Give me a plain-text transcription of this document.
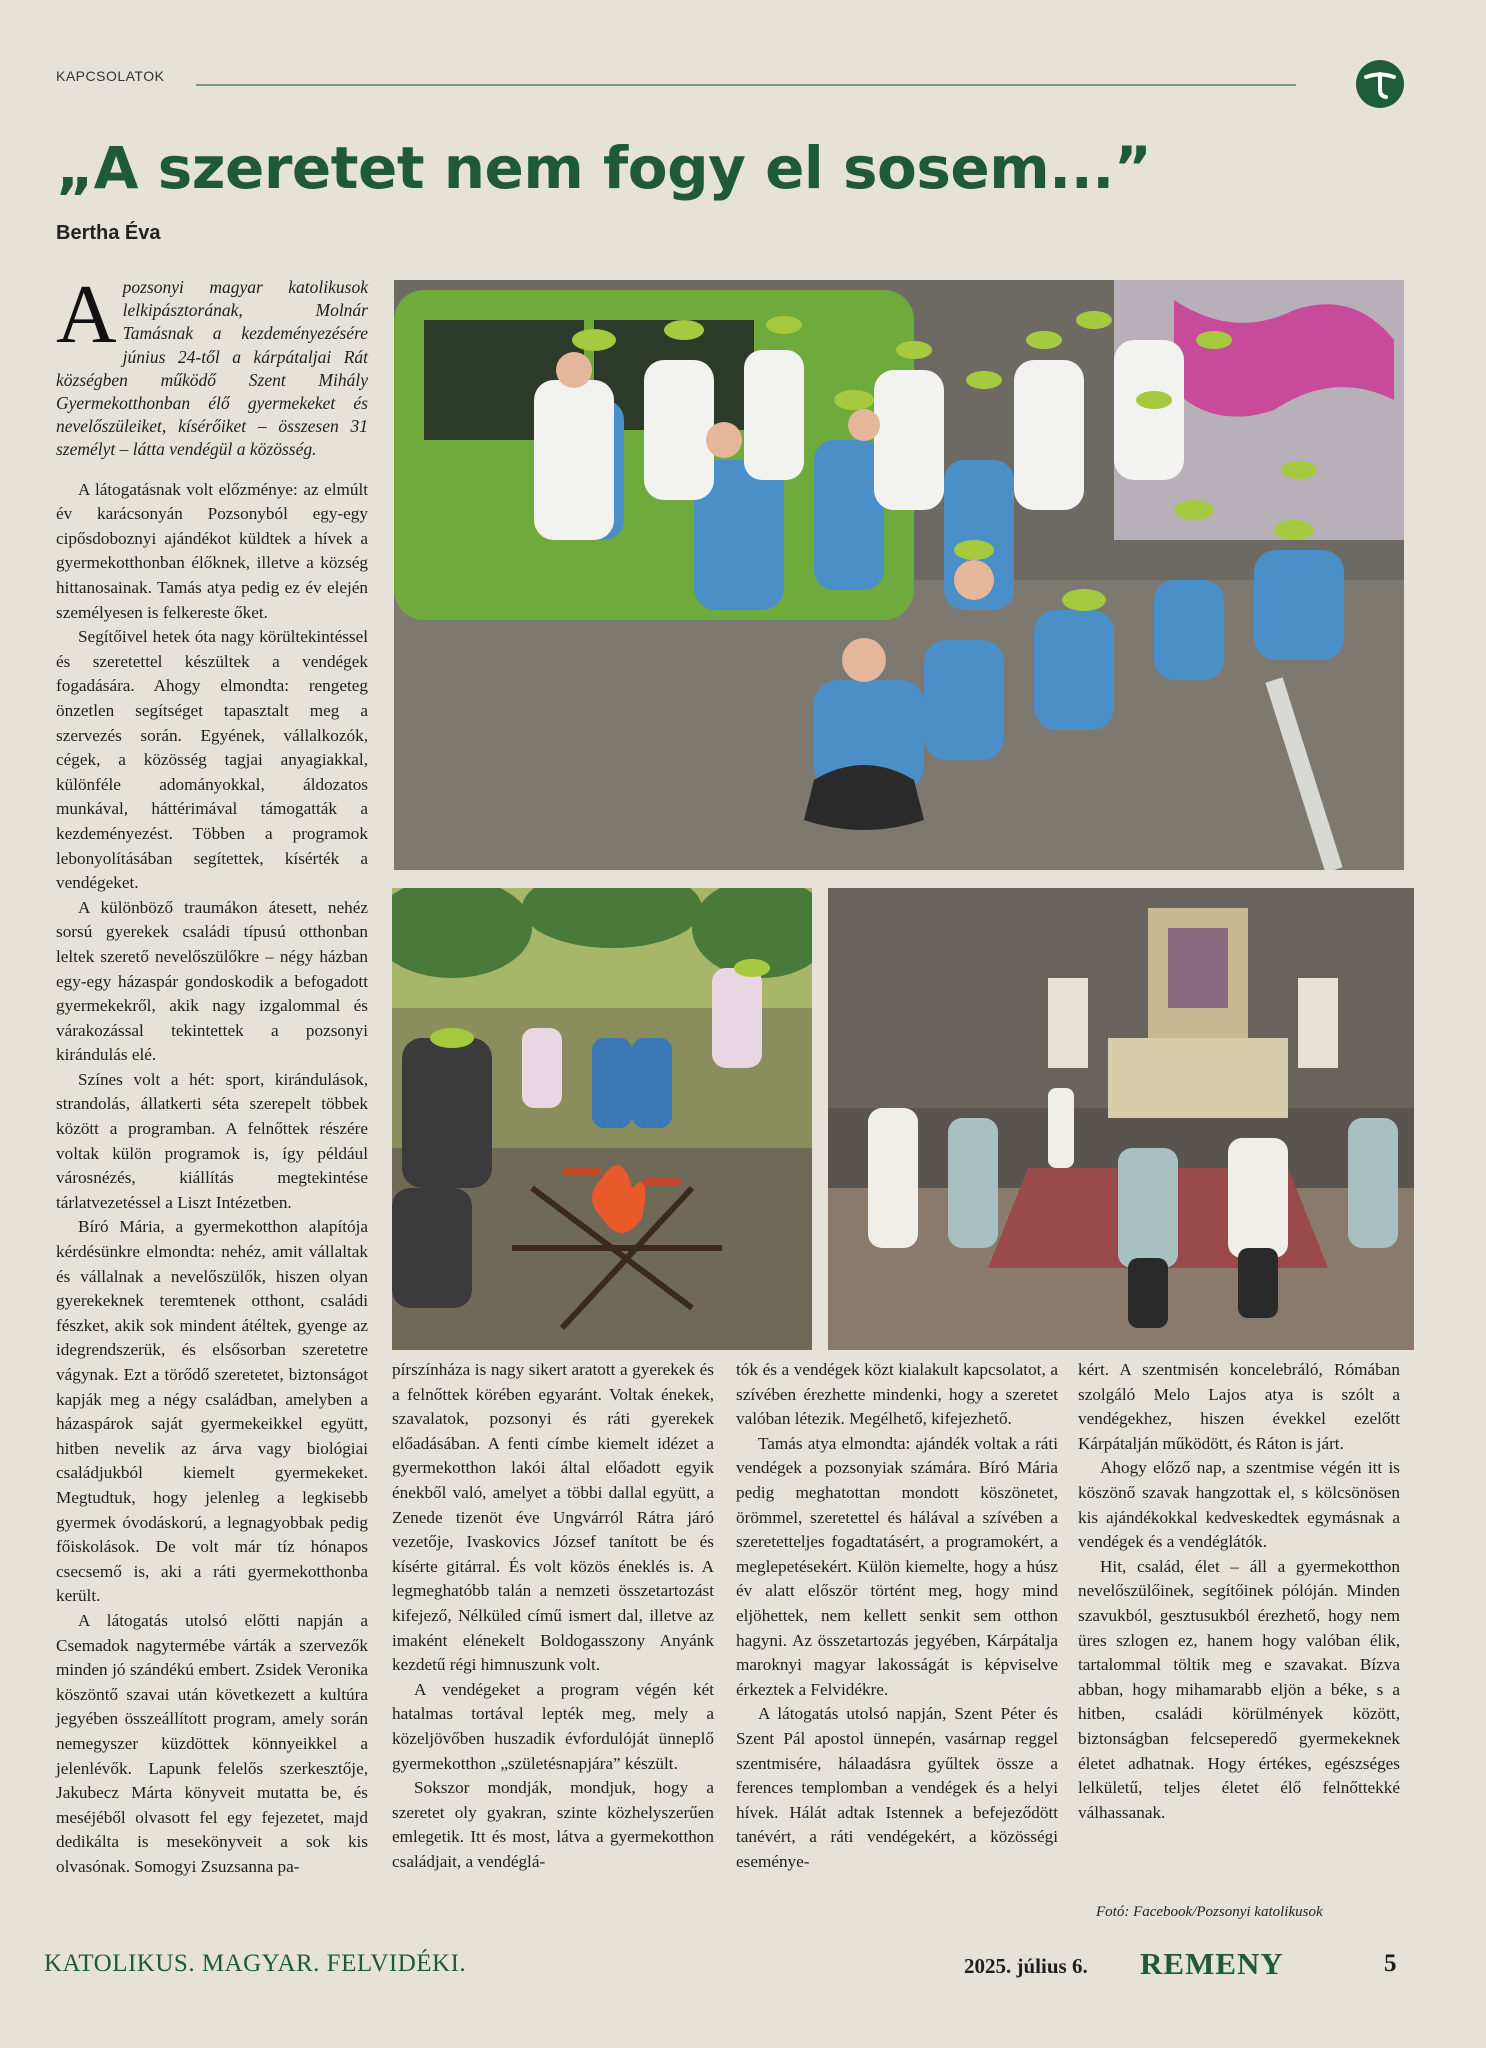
KAPCSOLATOK
„A szeretet nem fogy el sosem...”
Bertha Éva

Apozsonyi magyar katolikusok lelkipásztorának, Molnár Tamásnak a kezdeményezésére június 24-től a kárpátaljai Rát községben működő Szent Mihály Gyermekotthonban élő gyermekeket és nevelőszüleiket, kísérőiket – összesen 31 személyt – látta vendégül a közösség.

A látogatásnak volt előzménye: az elmúlt év karácsonyán Pozsonyból egy-egy cipősdoboznyi ajándékot küldtek a hívek a gyermekotthonban élőknek, illetve a község hittanosainak. Tamás atya pedig ez év elején személyesen is felkereste őket.

Segítőivel hetek óta nagy körültekintéssel és szeretettel készültek a vendégek fogadására. Ahogy elmondta: rengeteg önzetlen segítséget tapasztalt meg a szervezés során. Egyének, vállalkozók, cégek, a közösség tagjai anyagiakkal, különféle adományokkal, áldozatos munkával, háttérimával támogatták a kezdeményezést. Többen a programok lebonyolításában segítettek, kísérték a vendégeket.

A különböző traumákon átesett, nehéz sorsú gyerekek családi típusú otthonban leltek szerető nevelőszülőkre – négy házban egy-egy házaspár gondoskodik a befogadott gyermekekről, akik nagy izgalommal és várakozással tekintettek a pozsonyi kirándulás elé.

Színes volt a hét: sport, kirándulások, strandolás, állatkerti séta szerepelt többek között a programban. A felnőttek részére voltak külön programok is, így például városnézés, kiállítás megtekintése tárlatvezetéssel a Liszt Intézetben.

Bíró Mária, a gyermekotthon alapítója kérdésünkre elmondta: nehéz, amit vállaltak és vállalnak a nevelőszülők, hiszen olyan gyerekeknek teremtenek otthont, családi fészket, akik sok mindent átéltek, gyenge az idegrendszerük, és elsősorban szeretetre vágynak. Ezt a törődő szeretetet, biztonságot kapják meg a négy családban, amelyben a házaspárok saját gyermekeikkel együtt, hitben nevelik az árva vagy biológiai családjukból kiemelt gyermekeket. Megtudtuk, hogy jelenleg a legkisebb gyermek óvodáskorú, a legnagyobbak pedig főiskolások. De volt már tíz hónapos csecsemő is, aki a ráti gyermekotthonba került.

A látogatás utolsó előtti napján a Csemadok nagytermébe várták a szervezők minden jó szándékú embert. Zsidek Veronika köszöntő szavai után következett a kultúra jegyében összeállított program, amely során nemegyszer küzdöttek könnyeikkel a jelenlévők. Lapunk felelős szerkesztője, Jakubecz Márta könyveit mutatta be, és meséjéből olvasott fel egy fejezetet, majd dedikálta is mesekönyveit a sok kis olvasónak. Somogyi Zsuzsanna pa-

pírszínháza is nagy sikert aratott a gyerekek és a felnőttek körében egyaránt. Voltak énekek, szavalatok, pozsonyi és ráti gyerekek előadásában. A fenti címbe kiemelt idézet a gyermekotthon lakói által előadott egyik énekből való, amelyet a többi dallal együtt, a Zenede tizenöt éve Ungvárról Rátra járó vezetője, Ivaskovics József tanított be és kísérte gitárral. És volt közös éneklés is. A legmeghatóbb talán a nemzeti összetartozást kifejező, Nélküled című ismert dal, illetve az imaként elénekelt Boldogasszony Anyánk kezdetű régi himnuszunk volt.

A vendégeket a program végén két hatalmas tortával lepték meg, mely a közeljövőben huszadik évfordulóját ünneplő gyermekotthon „születésnapjára” készült.

Sokszor mondják, mondjuk, hogy a szeretet oly gyakran, szinte közhelyszerűen emlegetik. Itt és most, látva a gyermekotthon családjait, a vendéglá-

tók és a vendégek közt kialakult kapcsolatot, a szívében érezhette mindenki, hogy a szeretet valóban létezik. Megélhető, kifejezhető.

Tamás atya elmondta: ajándék voltak a ráti vendégek a pozsonyiak számára. Bíró Mária pedig meghatottan mondott köszönetet, örömmel, szeretettel és hálával a szívében a szeretetteljes fogadtatásért, a programokért, a meglepetésekért. Külön kiemelte, hogy a húsz év alatt először történt meg, hogy mind eljöhettek, nem kellett senkit sem otthon hagyni. Az összetartozás jegyében, Kárpátalja maroknyi magyar lakosságát is képviselve érkeztek a Felvidékre.

A látogatás utolsó napján, Szent Péter és Szent Pál apostol ünnepén, vasárnap reggel szentmisére, hálaadásra gyűltek össze a ferences templomban a vendégek és a helyi hívek. Hálát adtak Istennek a befejeződött tanévért, a ráti vendégekért, a közösségi eseménye-

kért. A szentmisén koncelebráló, Rómában szolgáló Melo Lajos atya is szólt a vendégekhez, hiszen évekkel ezelőtt Kárpátalján működött, és Ráton is járt.

Ahogy előző nap, a szentmise végén itt is köszönő szavak hangzottak el, s kölcsönösen kis ajándékokkal kedveskedtek egymásnak a vendégek és a vendéglátók.

Hit, család, élet – áll a gyermekotthon nevelőszülőinek, segítőinek pólóján. Minden szavukból, gesztusukból érezhető, hogy nem üres szlogen ez, hanem hogy valóban élik, tartalommal töltik meg e szavakat. Bízva abban, hogy mihamarabb eljön a béke, s a hitben, családi körülmények között, biztonságban felcseperedő gyermekeknek életet adhatnak. Hogy értékes, egészséges lelkületű, teljes életet élő felnőttekké válhassanak.

Fotó: Facebook/Pozsonyi katolikusok
KATOLIKUS. MAGYAR. FELVIDÉKI.	2025. július 6. REMENY	5
